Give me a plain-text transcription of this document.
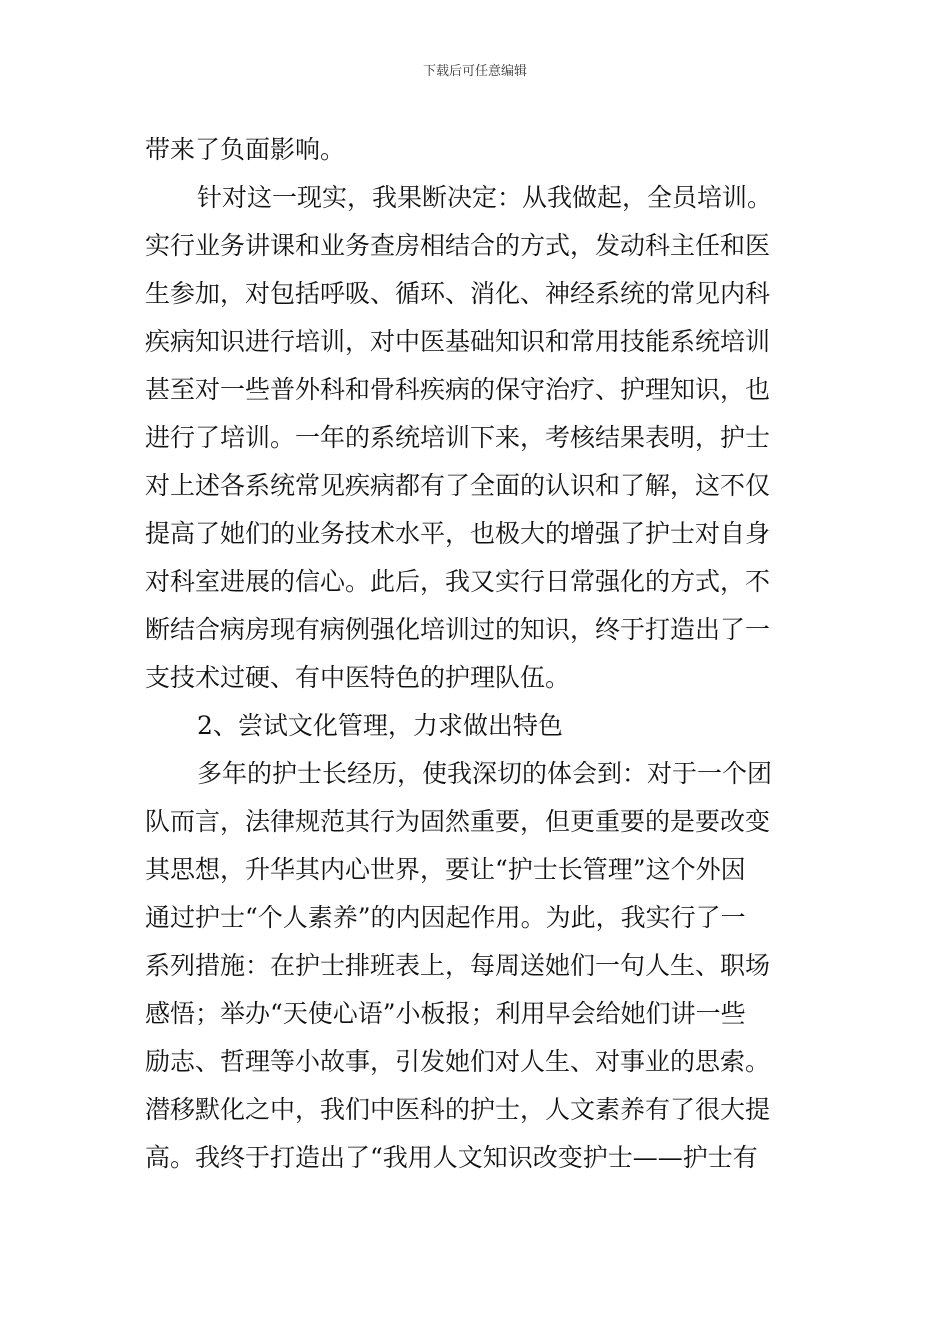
下载后可任意编辑
带来了负面影响。
针对这一现实，我果断决定：从我做起，全员培训。
实行业务讲课和业务查房相结合的方式，发动科主任和医
生参加，对包括呼吸、循环、消化、神经系统的常见内科
疾病知识进行培训，对中医基础知识和常用技能系统培训
甚至对一些普外科和骨科疾病的保守治疗、护理知识，也
进行了培训。一年的系统培训下来，考核结果表明，护士
对上述各系统常见疾病都有了全面的认识和了解，这不仅
提高了她们的业务技术水平，也极大的增强了护士对自身
对科室进展的信心。此后，我又实行日常强化的方式，不
断结合病房现有病例强化培训过的知识，终于打造出了一
支技术过硬、有中医特色的护理队伍。
2、尝试文化管理，力求做出特色
多年的护士长经历，使我深切的体会到：对于一个团
队而言，法律规范其行为固然重要，但更重要的是要改变
其思想，升华其内心世界，要让“护士长管理”这个外因
通过护士“个人素养”的内因起作用。为此，我实行了一
系列措施：在护士排班表上，每周送她们一句人生、职场
感悟；举办“天使心语”小板报；利用早会给她们讲一些
励志、哲理等小故事，引发她们对人生、对事业的思索。
潜移默化之中，我们中医科的护士，人文素养有了很大提
高。我终于打造出了“我用人文知识改变护士——护士有
